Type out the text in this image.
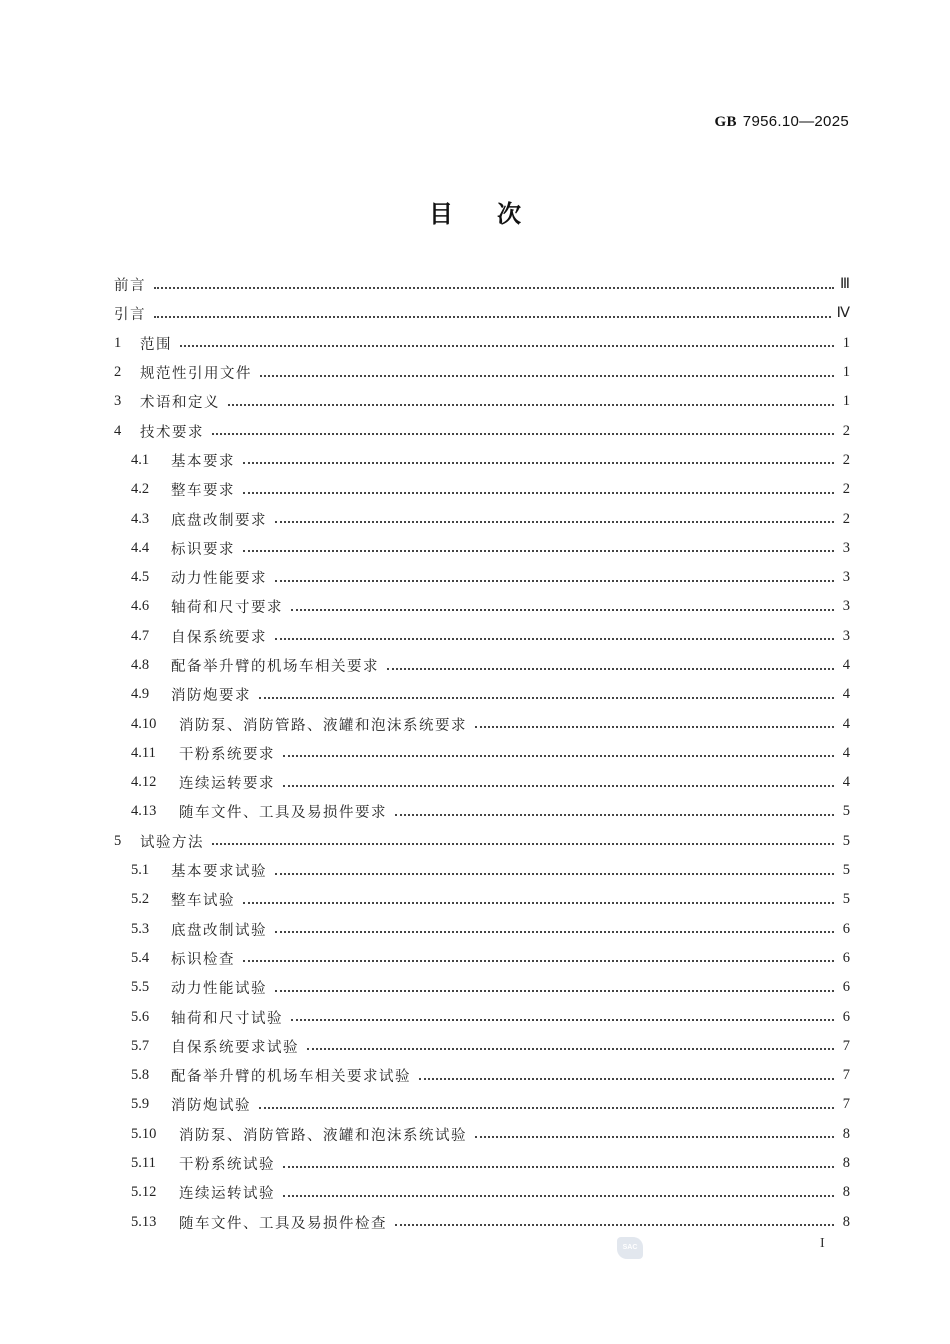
GB 7956.10—2025
目次
前言	Ⅲ
引言	Ⅳ
1	范围	1
2	规范性引用文件	1
3	术语和定义	1
4	技术要求	2
4.1	基本要求	2
4.2	整车要求	2
4.3	底盘改制要求	2
4.4	标识要求	3
4.5	动力性能要求	3
4.6	轴荷和尺寸要求	3
4.7	自保系统要求	3
4.8	配备举升臂的机场车相关要求	4
4.9	消防炮要求	4
4.10	消防泵、消防管路、液罐和泡沫系统要求	4
4.11	干粉系统要求	4
4.12	连续运转要求	4
4.13	随车文件、工具及易损件要求	5
5	试验方法	5
5.1	基本要求试验	5
5.2	整车试验	5
5.3	底盘改制试验	6
5.4	标识检查	6
5.5	动力性能试验	6
5.6	轴荷和尺寸试验	6
5.7	自保系统要求试验	7
5.8	配备举升臂的机场车相关要求试验	7
5.9	消防炮试验	7
5.10	消防泵、消防管路、液罐和泡沫系统试验	8
5.11	干粉系统试验	8
5.12	连续运转试验	8
5.13	随车文件、工具及易损件检查	8
SAC	I
